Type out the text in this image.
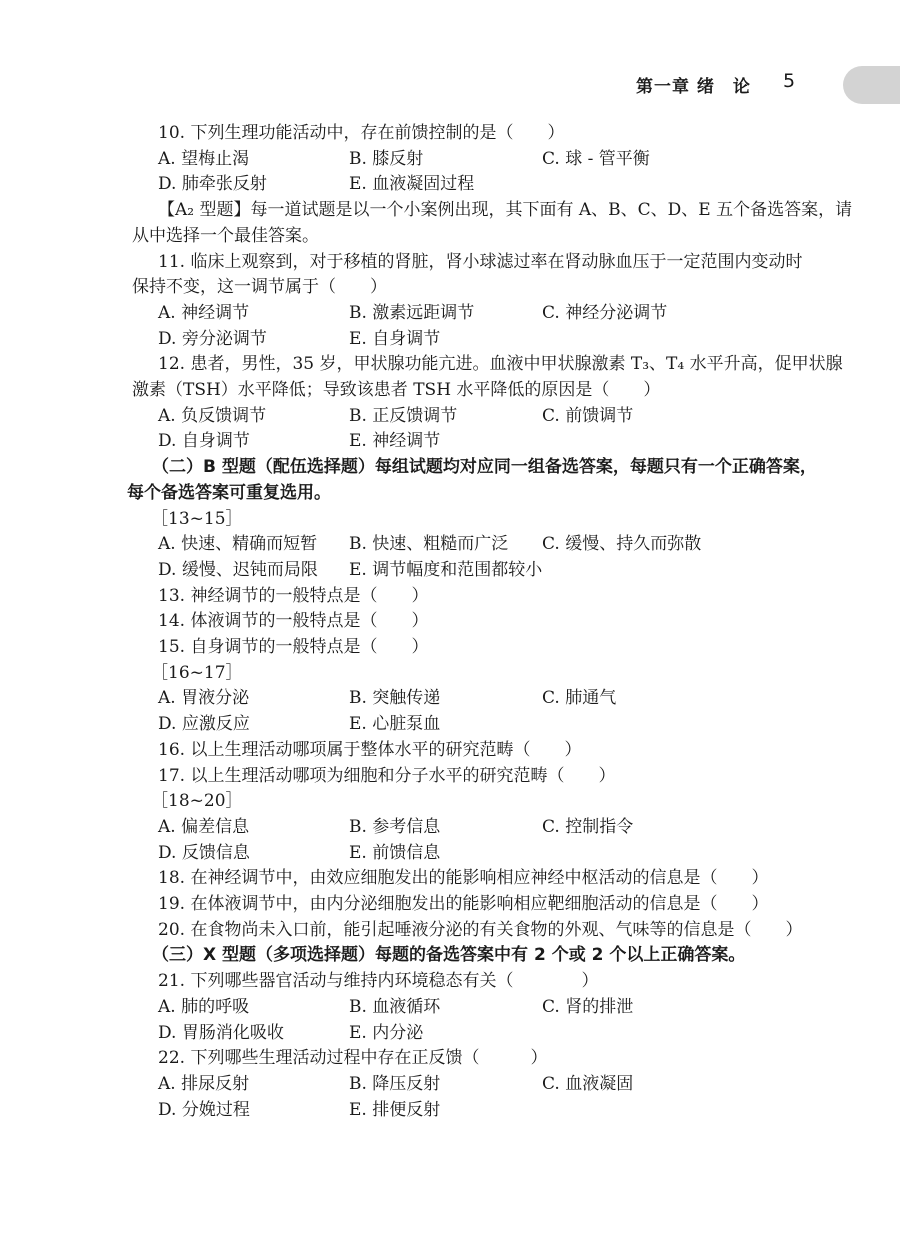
第一章 绪　论 5
10. 下列生理功能活动中，存在前馈控制的是（　　）
A. 望梅止渴	B. 膝反射	C. 球 - 管平衡
D. 肺牵张反射	E. 血液凝固过程
【A₂ 型题】每一道试题是以一个小案例出现，其下面有 A、B、C、D、E 五个备选答案，请
从中选择一个最佳答案。
11. 临床上观察到，对于移植的肾脏，肾小球滤过率在肾动脉血压于一定范围内变动时
保持不变，这一调节属于（　　）
A. 神经调节	B. 激素远距调节	C. 神经分泌调节
D. 旁分泌调节	E. 自身调节
12. 患者，男性，35 岁，甲状腺功能亢进。血液中甲状腺激素 T₃、T₄ 水平升高，促甲状腺
激素（TSH）水平降低；导致该患者 TSH 水平降低的原因是（　　）
A. 负反馈调节	B. 正反馈调节	C. 前馈调节
D. 自身调节	E. 神经调节
（二）B 型题（配伍选择题）每组试题均对应同一组备选答案，每题只有一个正确答案，
每个备选答案可重复选用。
［13~15］
A. 快速、精确而短暂 B. 快速、粗糙而广泛 C. 缓慢、持久而弥散
D. 缓慢、迟钝而局限 E. 调节幅度和范围都较小
13. 神经调节的一般特点是（　　）
14. 体液调节的一般特点是（　　）
15. 自身调节的一般特点是（　　）
［16~17］
A. 胃液分泌	B. 突触传递	C. 肺通气
D. 应激反应	E. 心脏泵血
16. 以上生理活动哪项属于整体水平的研究范畴（　　）
17. 以上生理活动哪项为细胞和分子水平的研究范畴（　　）
［18~20］
A. 偏差信息	B. 参考信息	C. 控制指令
D. 反馈信息	E. 前馈信息
18. 在神经调节中，由效应细胞发出的能影响相应神经中枢活动的信息是（　　）
19. 在体液调节中，由内分泌细胞发出的能影响相应靶细胞活动的信息是（　　）
20. 在食物尚未入口前，能引起唾液分泌的有关食物的外观、气味等的信息是（　　）
（三）X 型题（多项选择题）每题的备选答案中有 2 个或 2 个以上正确答案。
21. 下列哪些器官活动与维持内环境稳态有关（　　　　）
A. 肺的呼吸	B. 血液循环	C. 肾的排泄
D. 胃肠消化吸收	E. 内分泌
22. 下列哪些生理活动过程中存在正反馈（　　　）
A. 排尿反射	B. 降压反射	C. 血液凝固
D. 分娩过程	E. 排便反射
